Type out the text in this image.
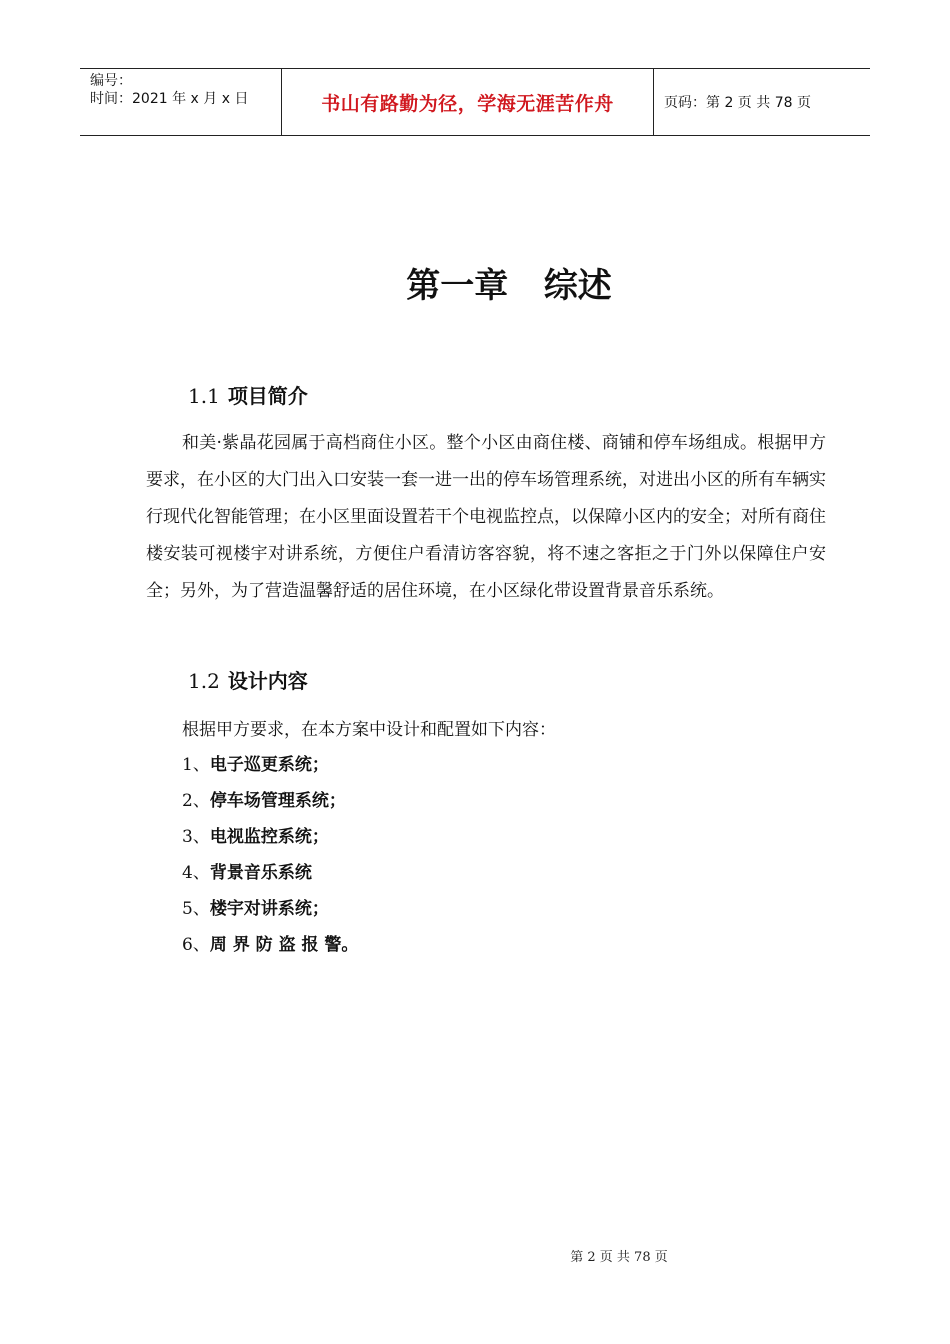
编号：
时间：2021 年 x 月 x 日	书山有路勤为径，学海无涯苦作舟	页码：第 2 页 共 78 页
第一章   综述
1.1 项目简介
和美·紫晶花园属于高档商住小区。整个小区由商住楼、商铺和停车场组成。根据甲方要求，在小区的大门出入口安装一套一进一出的停车场管理系统，对进出小区的所有车辆实行现代化智能管理；在小区里面设置若干个电视监控点，以保障小区内的安全；对所有商住楼安装可视楼宇对讲系统，方便住户看清访客容貌，将不速之客拒之于门外以保障住户安全；另外，为了营造温馨舒适的居住环境，在小区绿化带设置背景音乐系统。
1.2 设计内容
根据甲方要求，在本方案中设计和配置如下内容：
1、电子巡更系统；
2、停车场管理系统；
3、电视监控系统；
4、背景音乐系统
5、楼宇对讲系统；
6、周 界 防 盗 报 警。
第 2 页 共 78 页
